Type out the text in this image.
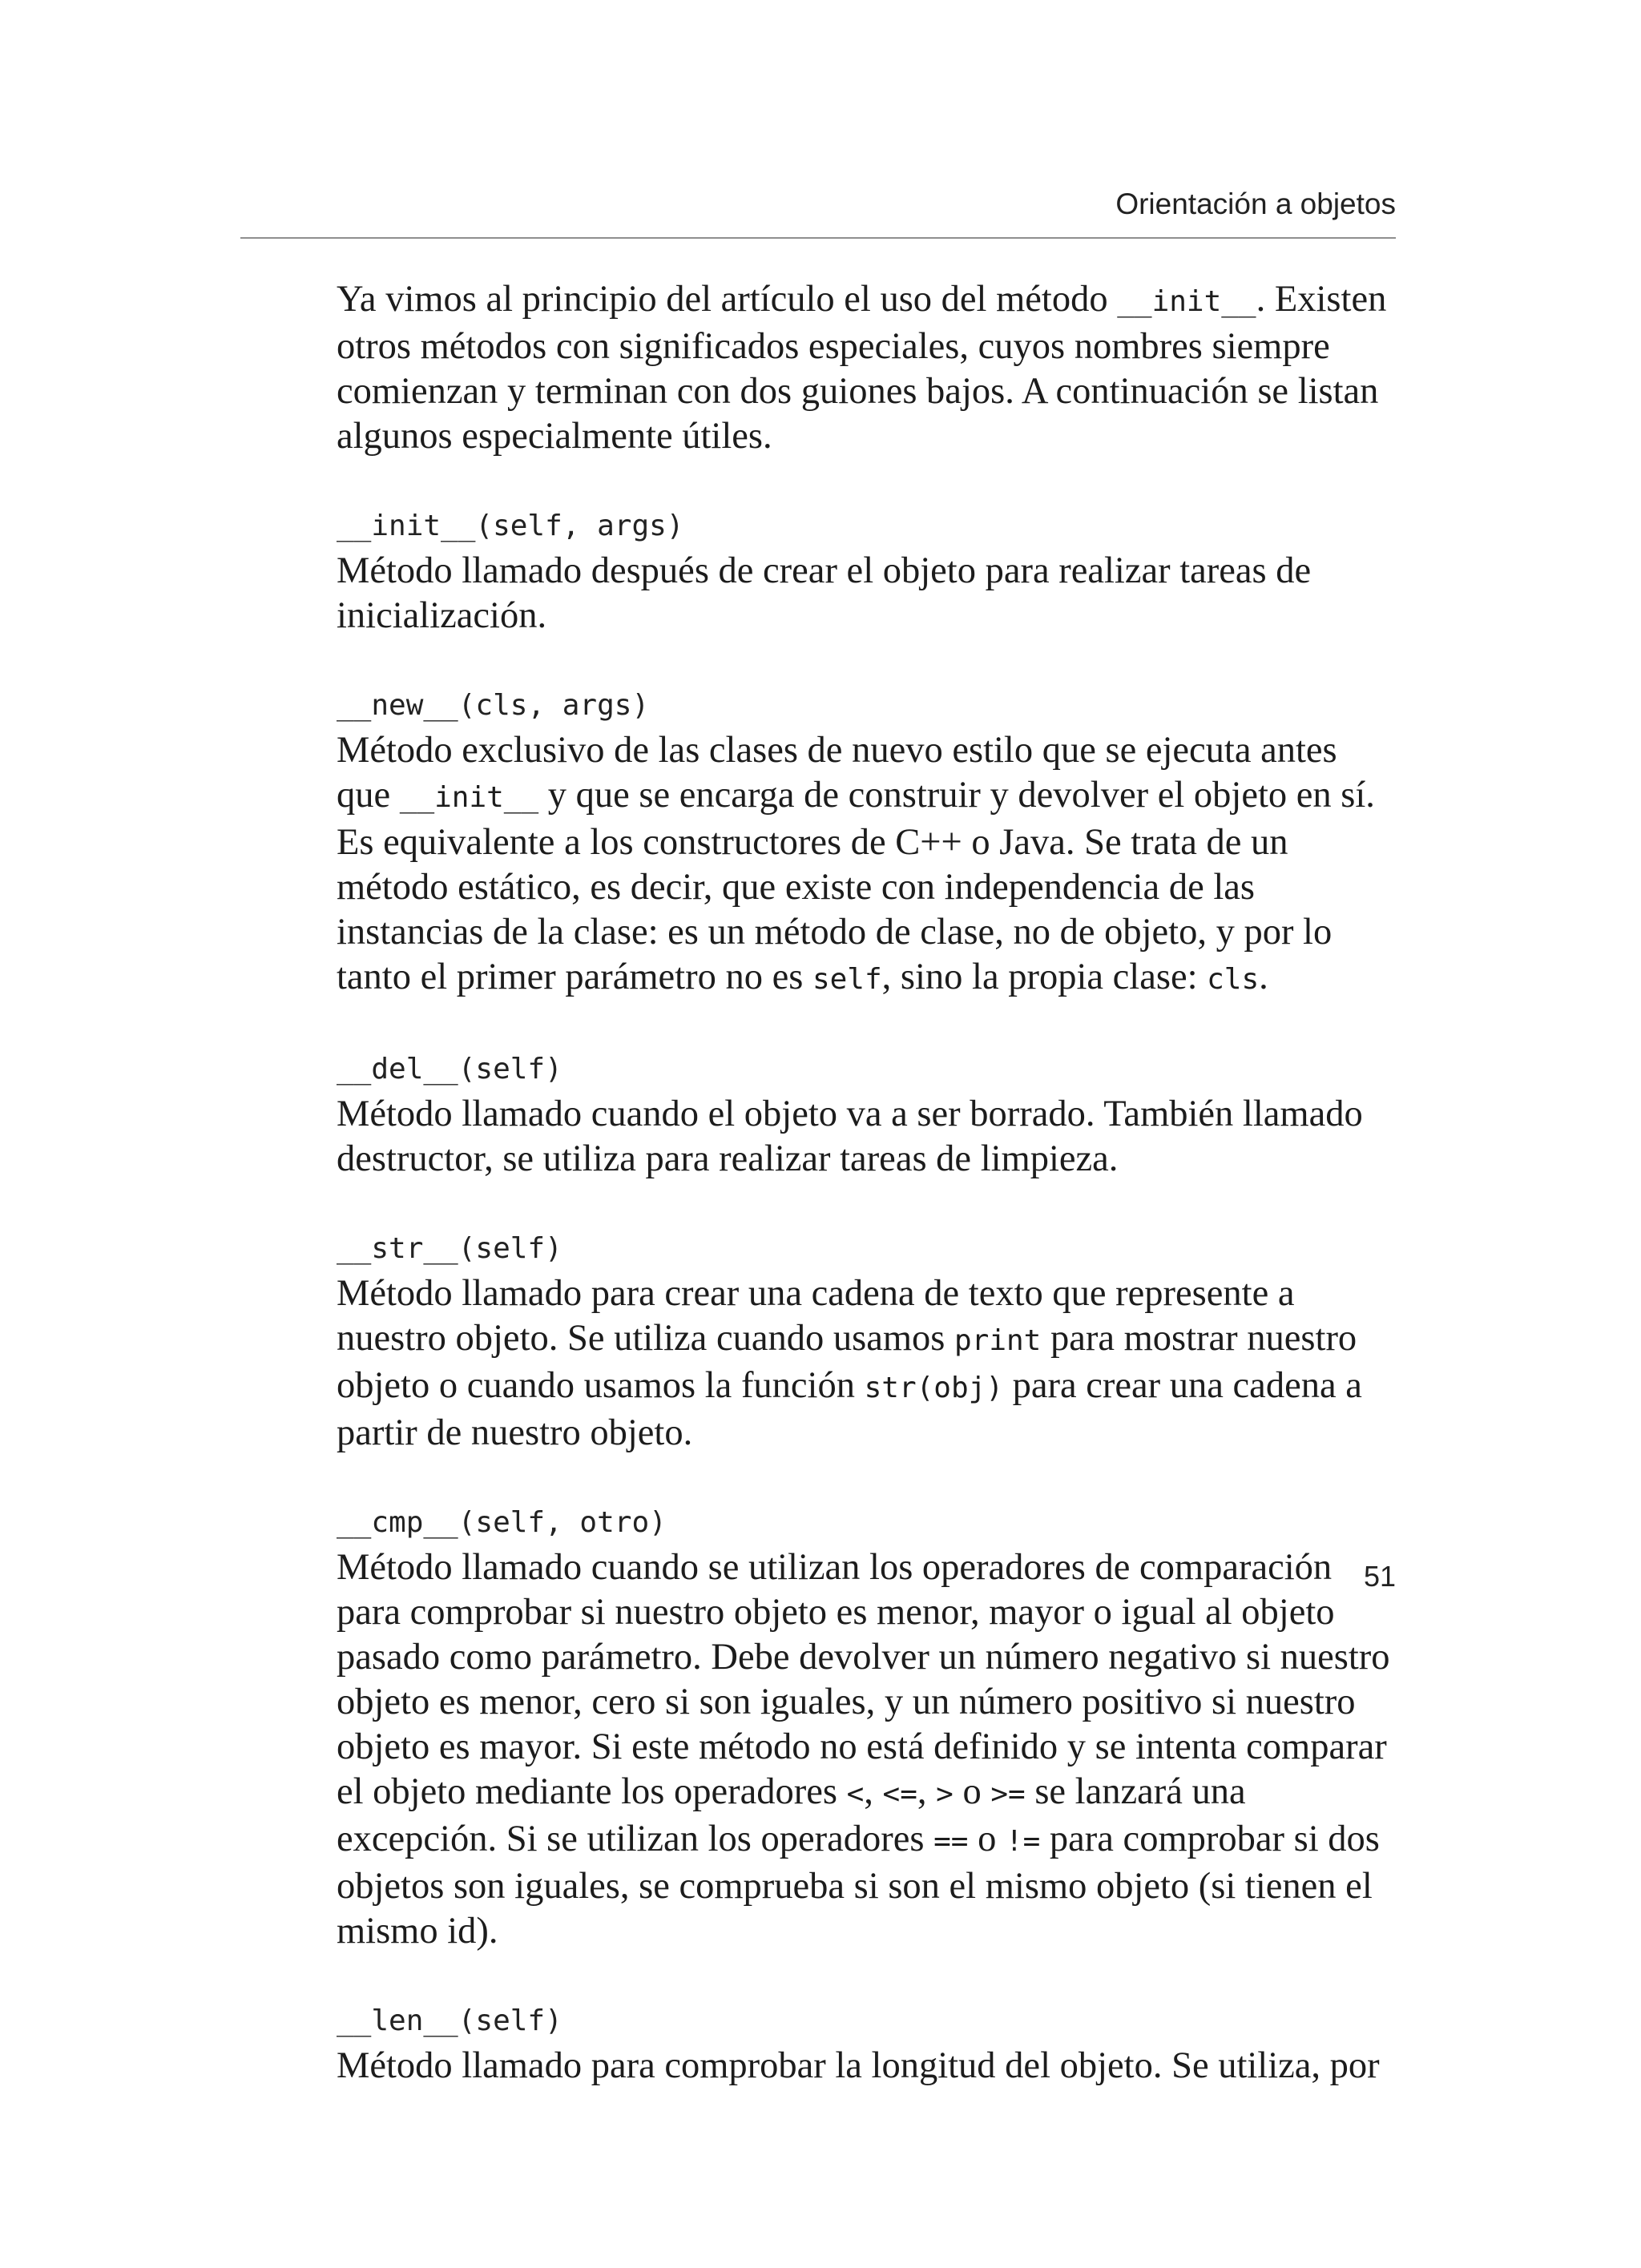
Orientación a objetos

Ya vimos al principio del artículo el uso del método __init__. Existen otros métodos con significados especiales, cuyos nombres siempre comienzan y terminan con dos guiones bajos. A continuación se listan algunos especialmente útiles.

__init__(self, args)

Método llamado después de crear el objeto para realizar tareas de inicialización.

__new__(cls, args)

Método exclusivo de las clases de nuevo estilo que se ejecuta antes que __init__ y que se encarga de construir y devolver el objeto en sí. Es equivalente a los constructores de C++ o Java. Se trata de un método estático, es decir, que existe con independencia de las instancias de la clase: es un método de clase, no de objeto, y por lo tanto el primer parámetro no es self, sino la propia clase: cls.

__del__(self)

Método llamado cuando el objeto va a ser borrado. También llamado destructor, se utiliza para realizar tareas de limpieza.

__str__(self)

Método llamado para crear una cadena de texto que represente a nuestro objeto. Se utiliza cuando usamos print para mostrar nuestro objeto o cuando usamos la función str(obj) para crear una cadena a partir de nuestro objeto.

__cmp__(self, otro)

Método llamado cuando se utilizan los operadores de comparación para comprobar si nuestro objeto es menor, mayor o igual al objeto pasado como parámetro. Debe devolver un número negativo si nuestro objeto es menor, cero si son iguales, y un número positivo si nuestro objeto es mayor. Si este método no está definido y se intenta comparar el objeto mediante los operadores <, <=, > o >= se lanzará una excepción. Si se utilizan los operadores == o != para comprobar si dos objetos son iguales, se comprueba si son el mismo objeto (si tienen el mismo id).

__len__(self)

Método llamado para comprobar la longitud del objeto. Se utiliza, por

51
